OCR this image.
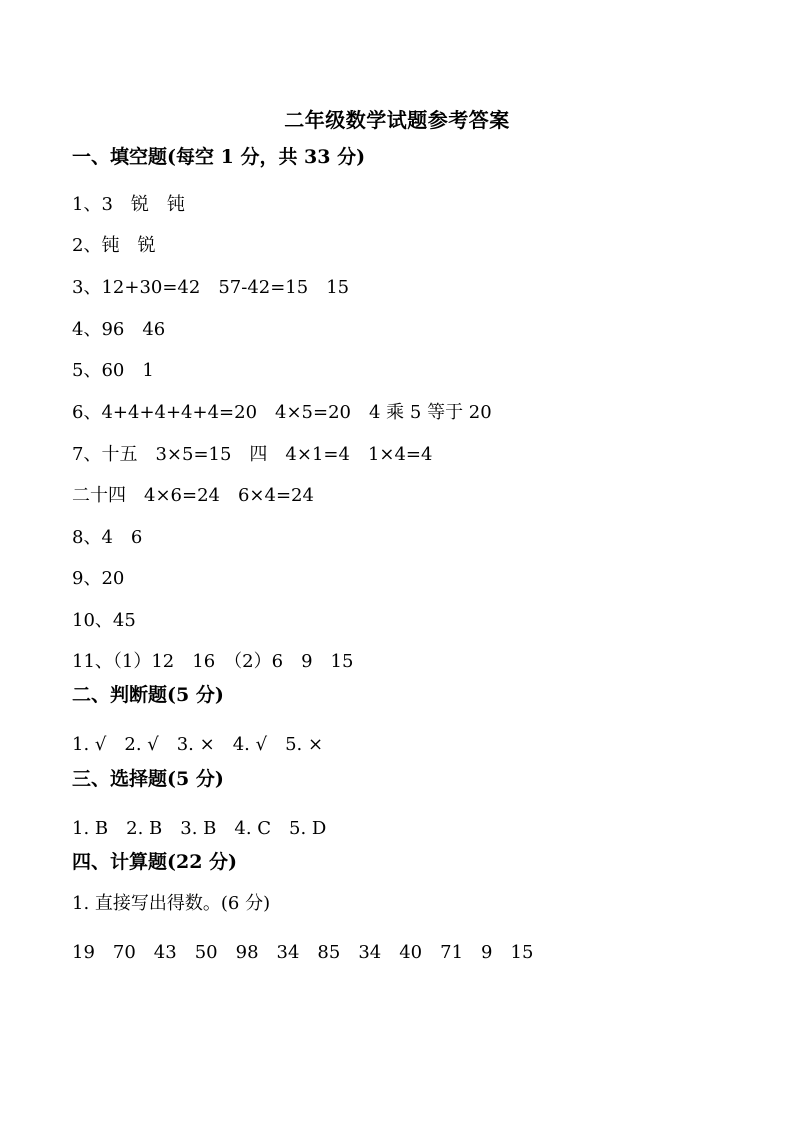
二年级数学试题参考答案
一、填空题(每空 1 分，共 33 分)
1、3　锐　钝
2、钝　锐
3、12+30=42　57-42=15　15
4、96　46
5、60　1
6、4+4+4+4+4=20　4×5=20　4 乘 5 等于 20
7、十五　3×5=15　四　4×1=4　1×4=4
二十四　4×6=24　6×4=24
8、4　6
9、20
10、45
11、（1）12　16　（2）6　9　15
二、判断题(5 分)
1. √　2. √　3. ×　4. √　5. ×
三、选择题(5 分)
1. B　2. B　3. B　4. C　5. D
四、计算题(22 分)
1. 直接写出得数。(6 分)
19　70　43　50　98　34　85　34　40　71　9　15
